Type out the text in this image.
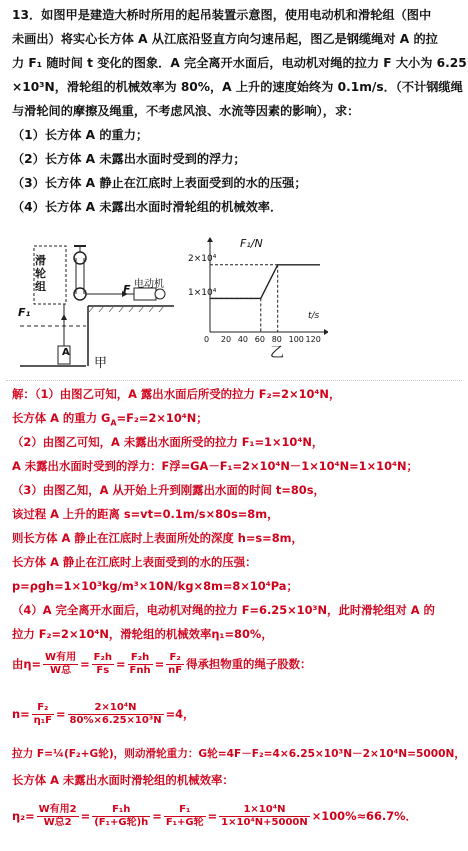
13．如图甲是建造大桥时所用的起吊装置示意图，使用电动机和滑轮组（图中
未画出）将实心长方体 A 从江底沿竖直方向匀速吊起，图乙是钢缆绳对 A 的拉
力 F₁ 随时间 t 变化的图象．A 完全离开水面后，电动机对绳的拉力 F 大小为 6.25
×10³N，滑轮组的机械效率为 80%，A 上升的速度始终为 0.1m/s．（不计钢缆绳
与滑轮间的摩擦及绳重，不考虑风浪、水流等因素的影响），求：
（1）长方体 A 的重力；
（2）长方体 A 未露出水面时受到的浮力；
（3）长方体 A 静止在江底时上表面受到的水的压强；
（4）长方体 A 未露出水面时滑轮组的机械效率．
滑轮组	电动机
F
F₁
A
甲
F₁/N
t/s
2×10⁴
1×10⁴
0 20 40 60 80 100 120
乙
解：（1）由图乙可知，A 露出水面后所受的拉力 F₂=2×10⁴N，
长方体 A 的重力 $G_A=F_2=2\times 10^4N$；
（2）由图乙可知，A 未露出水面所受的拉力 F₁=1×10⁴N，
A 未露出水面时受到的浮力：F浮=GA－F₁=2×10⁴N－1×10⁴N=1×10⁴N；
（3）由图乙知，A 从开始上升到刚露出水面的时间 t=80s，
该过程 A 上升的距离 s=vt=0.1m/s×80s=8m，
则长方体 A 静止在江底时上表面所处的深度 h=s=8m，
长方体 A 静止在江底时上表面受到的水的压强：
p=ρgh=1×10³kg/m³×10N/kg×8m=8×10⁴Pa；
（4）A 完全离开水面后，电动机对绳的拉力 F=6.25×10³N，此时滑轮组对 A 的
拉力 F₂=2×10⁴N，滑轮组的机械效率η₁=80%，
由$\eta= \frac{\text{W有用}}{\text{W总}} = \frac{\text{F₂h}}{Fs} = \frac{\text{F₂h}}{\text{Fnh}} = \frac{\text{F₂}}{nF}$ 得承担物重的绳子股数：
$n= \frac{\text{F₂}}{\text{η₁F}} = \frac{\text{2×10⁴N}}{\text{80\%×6.25×10³N}} =4$，
拉力 F=¼(F₂+G轮)，则动滑轮重力：G轮=4F－F₂=4×6.25×10³N－2×10⁴N=5000N，
长方体 A 未露出水面时滑轮组的机械效率：
$\eta_2= \frac{\text{W有用2}}{\text{W总2}} = \frac{\text{F₁h}}{\text{(F₁+G轮)h}} = \frac{\text{F₁}}{\text{F₁+G轮}} = \frac{\text{1×10⁴N}}{\text{1×10⁴N+5000N}} \times 100\%\approx 66.7\%$．
